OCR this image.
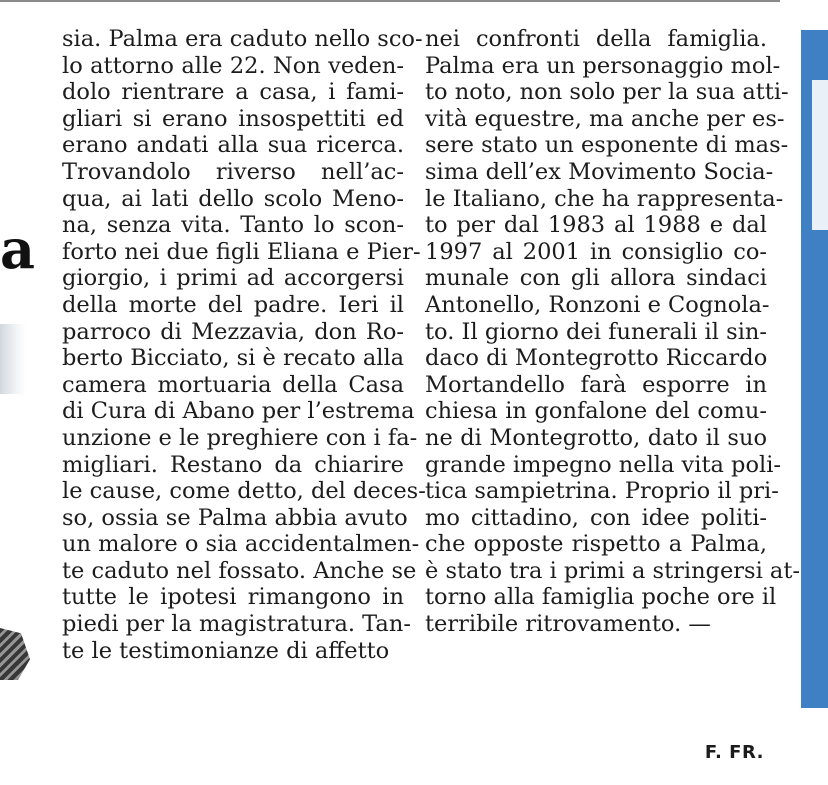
a
sia. Palma era caduto nello sco-
lo attorno alle 22. Non veden-
dolo rientrare a casa, i fami-
gliari si erano insospettiti ed
erano andati alla sua ricerca.
Trovandolo riverso nell’ac-
qua, ai lati dello scolo Meno-
na, senza vita. Tanto lo scon-
forto nei due figli Eliana e Pier-
giorgio, i primi ad accorgersi
della morte del padre. Ieri il
parroco di Mezzavia, don Ro-
berto Bicciato, si è recato alla
camera mortuaria della Casa
di Cura di Abano per l’estrema
unzione e le preghiere con i fa-
migliari. Restano da chiarire
le cause, come detto, del deces-
so, ossia se Palma abbia avuto
un malore o sia accidentalmen-
te caduto nel fossato. Anche se
tutte le ipotesi rimangono in
piedi per la magistratura. Tan-
te le testimonianze di affetto
nei confronti della famiglia.
Palma era un personaggio mol-
to noto, non solo per la sua atti-
vità equestre, ma anche per es-
sere stato un esponente di mas-
sima dell’ex Movimento Socia-
le Italiano, che ha rappresenta-
to per dal 1983 al 1988 e dal
1997 al 2001 in consiglio co-
munale con gli allora sindaci
Antonello, Ronzoni e Cognola-
to. Il giorno dei funerali il sin-
daco di Montegrotto Riccardo
Mortandello farà esporre in
chiesa in gonfalone del comu-
ne di Montegrotto, dato il suo
grande impegno nella vita poli-
tica sampietrina. Proprio il pri-
mo cittadino, con idee politi-
che opposte rispetto a Palma,
è stato tra i primi a stringersi at-
torno alla famiglia poche ore il
terribile ritrovamento. —
F. FR.
